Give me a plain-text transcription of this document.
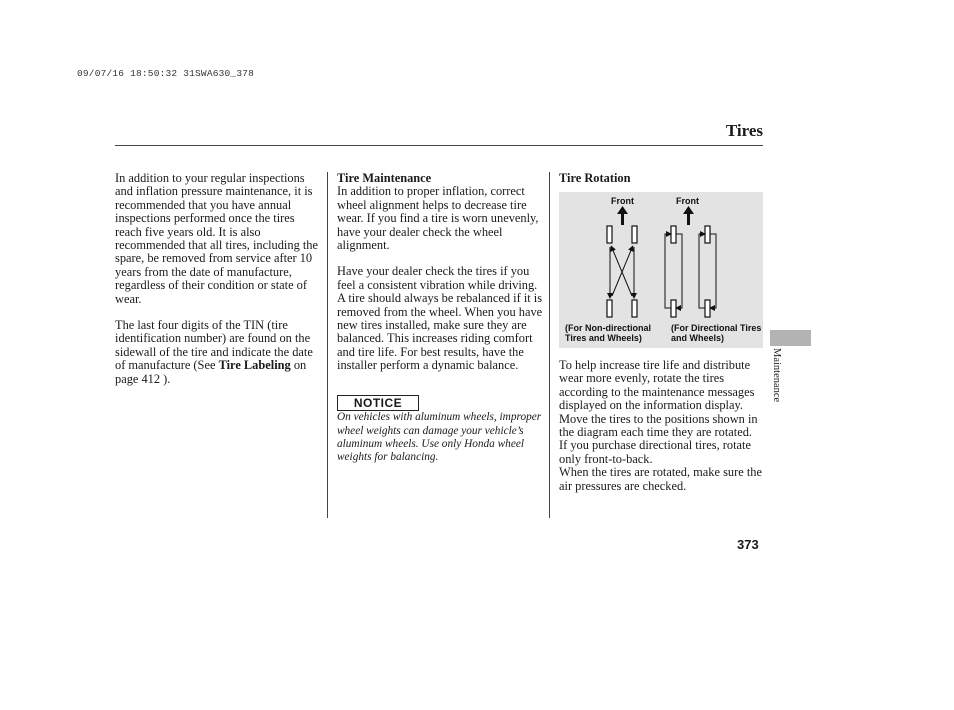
09/07/16 18:50:32 31SWA630_378
Tires

In addition to your regular inspections and inflation pressure maintenance, it is recommended that you have annual inspections performed once the tires reach five years old. It is also recommended that all tires, including the spare, be removed from service after 10 years from the date of manufacture, regardless of their condition or state of wear.

The last four digits of the TIN (tire identification number) are found on the sidewall of the tire and indicate the date of manufacture (See Tire Labeling on page 412 ).

Tire Maintenance

In addition to proper inflation, correct wheel alignment helps to decrease tire wear. If you find a tire is worn unevenly, have your dealer check the wheel alignment.

Have your dealer check the tires if you feel a consistent vibration while driving. A tire should always be rebalanced if it is removed from the wheel. When you have new tires installed, make sure they are balanced. This increases riding comfort and tire life. For best results, have the installer perform a dynamic balance.

NOTICE

On vehicles with aluminum wheels, improper wheel weights can damage your vehicle’s aluminum wheels. Use only Honda wheel weights for balancing.

Tire Rotation

Front	Front
(For Non-directional Tires and Wheels)
(For Directional Tires and Wheels)

To help increase tire life and distribute wear more evenly, rotate the tires according to the maintenance messages displayed on the information display. Move the tires to the positions shown in the diagram each time they are rotated. If you purchase directional tires, rotate only front-to-back.

When the tires are rotated, make sure the air pressures are checked.

Maintenance
373
